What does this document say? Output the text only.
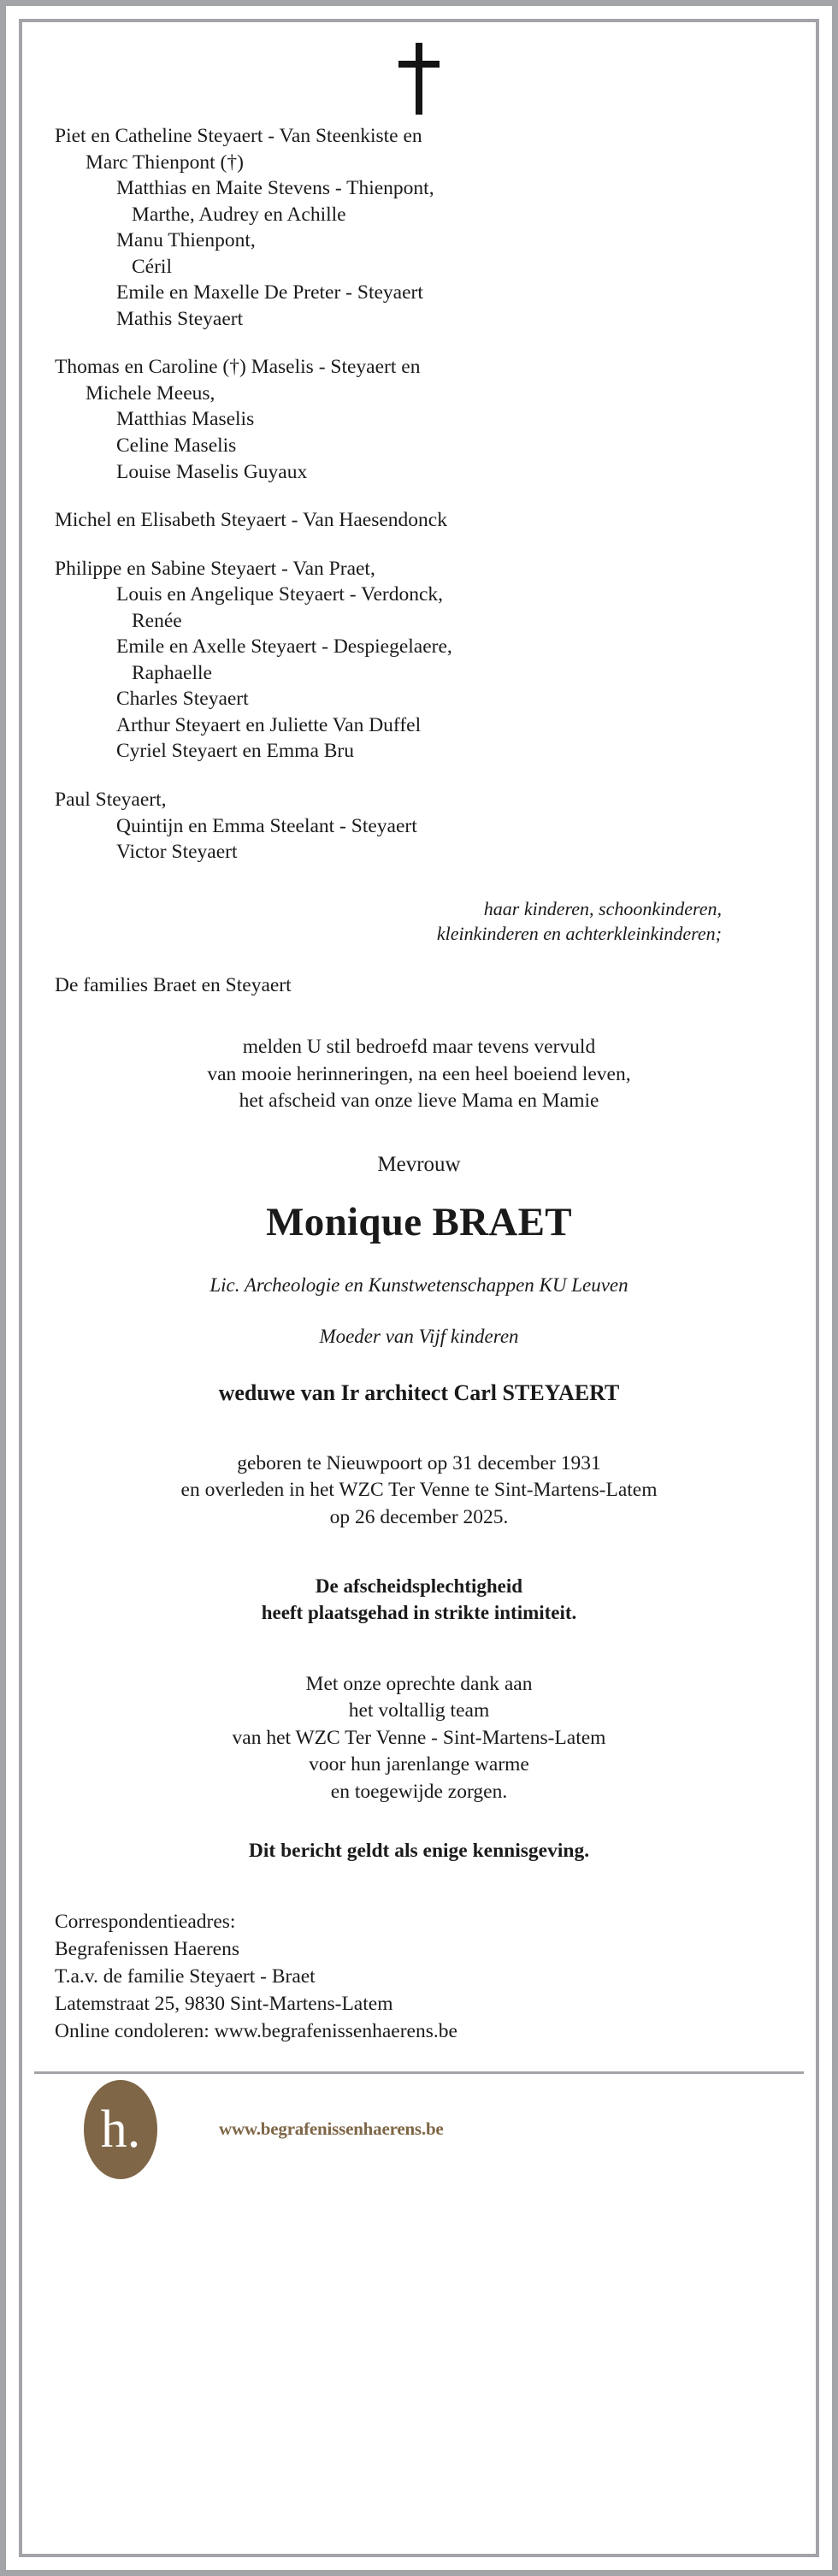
Piet en Catheline Steyaert - Van Steenkiste en
Marc Thienpont (†)
Matthias en Maite Stevens - Thienpont,
Marthe, Audrey en Achille
Manu Thienpont,
Céril
Emile en Maxelle De Preter - Steyaert
Mathis Steyaert
Thomas en Caroline (†) Maselis - Steyaert en
Michele Meeus,
Matthias Maselis
Celine Maselis
Louise Maselis Guyaux
Michel en Elisabeth Steyaert - Van Haesendonck
Philippe en Sabine Steyaert - Van Praet,
Louis en Angelique Steyaert - Verdonck,
Renée
Emile en Axelle Steyaert - Despiegelaere,
Raphaelle
Charles Steyaert
Arthur Steyaert en Juliette Van Duffel
Cyriel Steyaert en Emma Bru
Paul Steyaert,
Quintijn en Emma Steelant - Steyaert
Victor Steyaert
haar kinderen, schoonkinderen,
kleinkinderen en achterkleinkinderen;
De families Braet en Steyaert
melden U stil bedroefd maar tevens vervuld
van mooie herinneringen, na een heel boeiend leven,
het afscheid van onze lieve Mama en Mamie
Mevrouw
Monique BRAET
Lic. Archeologie en Kunstwetenschappen KU Leuven
Moeder van Vijf kinderen
weduwe van Ir architect Carl STEYAERT
geboren te Nieuwpoort op 31 december 1931
en overleden in het WZC Ter Venne te Sint-Martens-Latem
op 26 december 2025.
De afscheidsplechtigheid
heeft plaatsgehad in strikte intimiteit.
Met onze oprechte dank aan
het voltallig team
van het WZC Ter Venne - Sint-Martens-Latem
voor hun jarenlange warme
en toegewijde zorgen.
Dit bericht geldt als enige kennisgeving.
Correspondentieadres:
Begrafenissen Haerens
T.a.v. de familie Steyaert - Braet
Latemstraat 25, 9830 Sint-Martens-Latem
Online condoleren: www.begrafenissenhaerens.be
h.	www.begrafenissenhaerens.be
